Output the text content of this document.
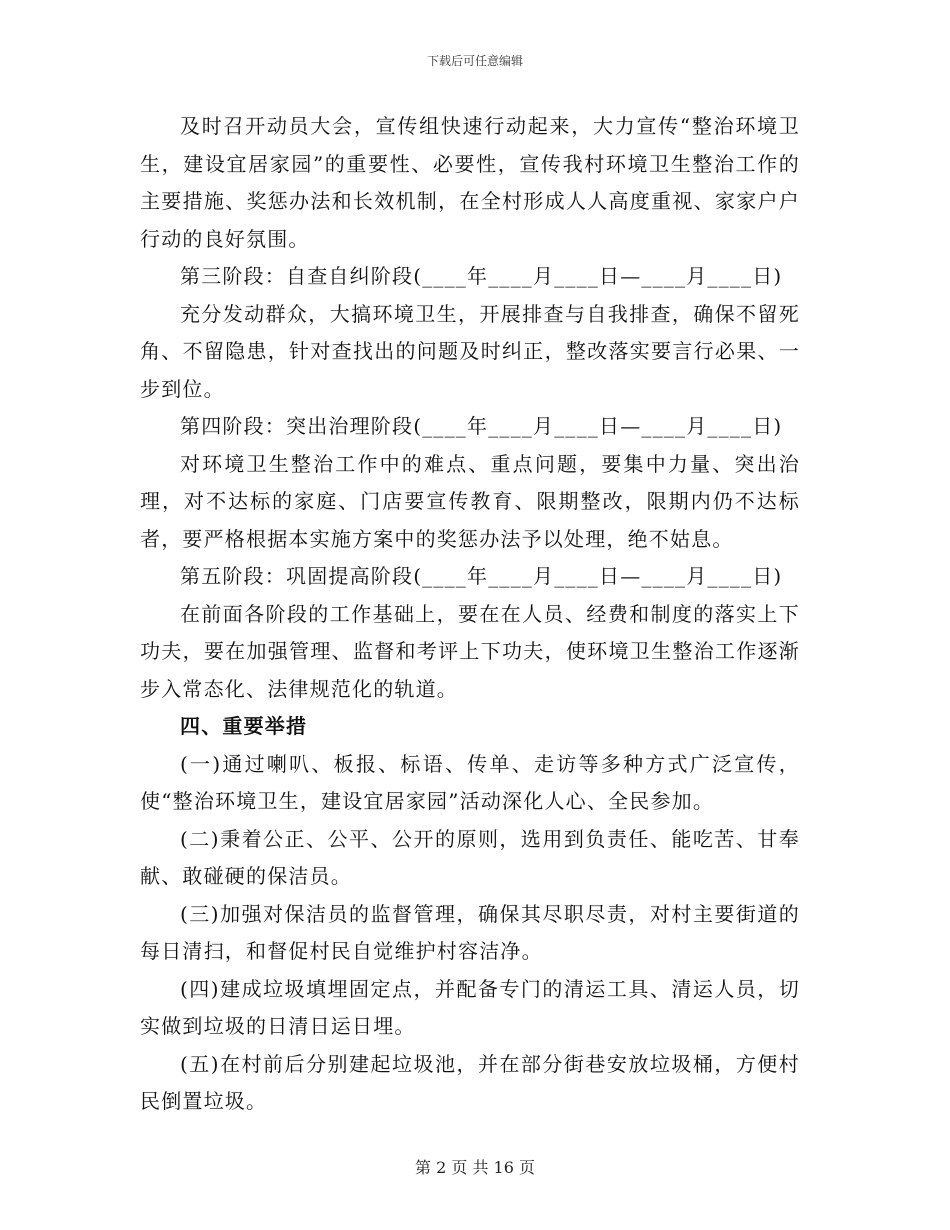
下载后可任意编辑

及时召开动员大会，宣传组快速行动起来，大力宣传“整治环境卫生，建设宜居家园”的重要性、必要性，宣传我村环境卫生整治工作的主要措施、奖惩办法和长效机制，在全村形成人人高度重视、家家户户行动的良好氛围。

第三阶段：自查自纠阶段(____年____月____日—____月____日)

充分发动群众，大搞环境卫生，开展排查与自我排查，确保不留死角、不留隐患，针对查找出的问题及时纠正，整改落实要言行必果、一步到位。

第四阶段：突出治理阶段(____年____月____日—____月____日)

对环境卫生整治工作中的难点、重点问题，要集中力量、突出治理，对不达标的家庭、门店要宣传教育、限期整改，限期内仍不达标者，要严格根据本实施方案中的奖惩办法予以处理，绝不姑息。

第五阶段：巩固提高阶段(____年____月____日—____月____日)

在前面各阶段的工作基础上，要在在人员、经费和制度的落实上下功夫，要在加强管理、监督和考评上下功夫，使环境卫生整治工作逐渐步入常态化、法律规范化的轨道。

四、重要举措

(一)通过喇叭、板报、标语、传单、走访等多种方式广泛宣传，使“整治环境卫生，建设宜居家园”活动深化人心、全民参加。

(二)秉着公正、公平、公开的原则，选用到负责任、能吃苦、甘奉献、敢碰硬的保洁员。

(三)加强对保洁员的监督管理，确保其尽职尽责，对村主要街道的每日清扫，和督促村民自觉维护村容洁净。

(四)建成垃圾填埋固定点，并配备专门的清运工具、清运人员，切实做到垃圾的日清日运日埋。

(五)在村前后分别建起垃圾池，并在部分街巷安放垃圾桶，方便村民倒置垃圾。

第 2 页 共 16 页
